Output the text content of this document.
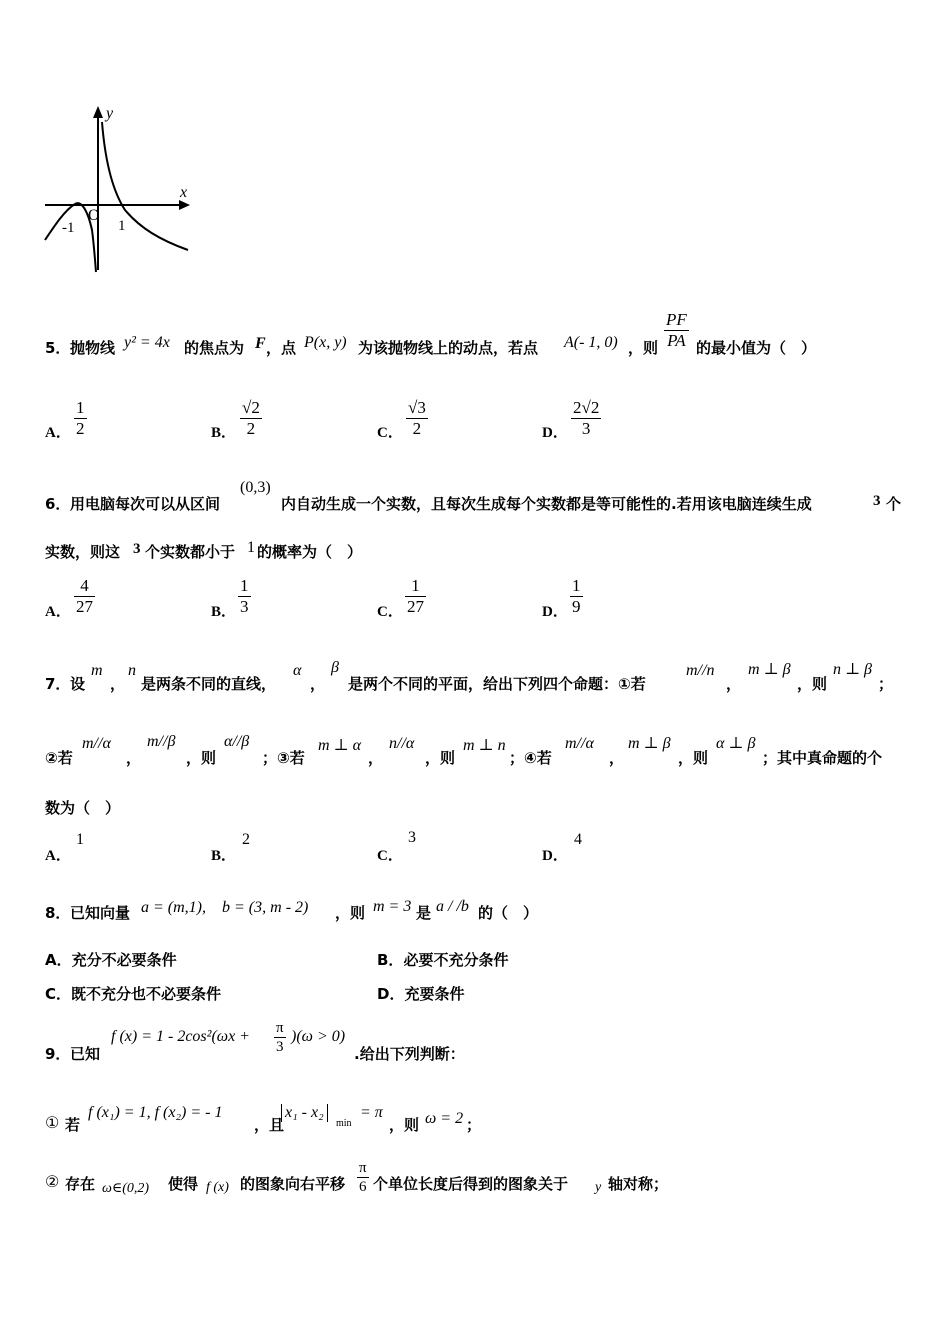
y
x
-1
O
1
5． 抛物线 y² = 4x 的焦点为 F ，点 P(x, y) 为该抛物线上的动点，若点 A(- 1, 0) ，则
PF
PA 的最小值为（　）
A．
1
2	B．
√2
2	C．
√3
2	D．
2√2
3
6． 用电脑每次可以从区间
(0,3)
内自动生成一个实数，且每次生成每个实数都是等可能性的.若用该电脑连续生成	3 个
实数，则这 3 个实数都小于 1 的概率为（　）
A．
4
27	B．
1
3	C．
1
27	D．
1
9
7． 设
m
，
n
是两条不同的直线，
α
，
β
是两个不同的平面，给出下列四个命题：①若
m//n
，
m ⊥ β
，则
n ⊥ β
；
②若
m//α
，
m//β
，则
α//β
；③若
m ⊥ α
，
n//α
，则
m ⊥ n
；④若
m//α
，
m ⊥ β
，则
α ⊥ β
；其中真命题的个
数为（　）
A．
1
B．
2
C．
3
D．
4
8． 已知向量 a = (m,1),　b = (3, m - 2) ，则 m = 3 是 a / /b 的（　）
A．充分不必要条件	B．必要不充分条件
C．既不充分也不必要条件	D．充要条件
9． 已知
f (x) = 1 - 2cos²(ωx + π
3
)(ω > 0)
.给出下列判断：
① 若
f (x₁) = 1, f (x₂) = - 1
，且
x₁ - x₂
min
= π
，则 ω = 2 ；
② 存在 ω∈(0,2) 使得 f (x) 的图象向右平移
π
6 个单位长度后得到的图象关于 y 轴对称；
